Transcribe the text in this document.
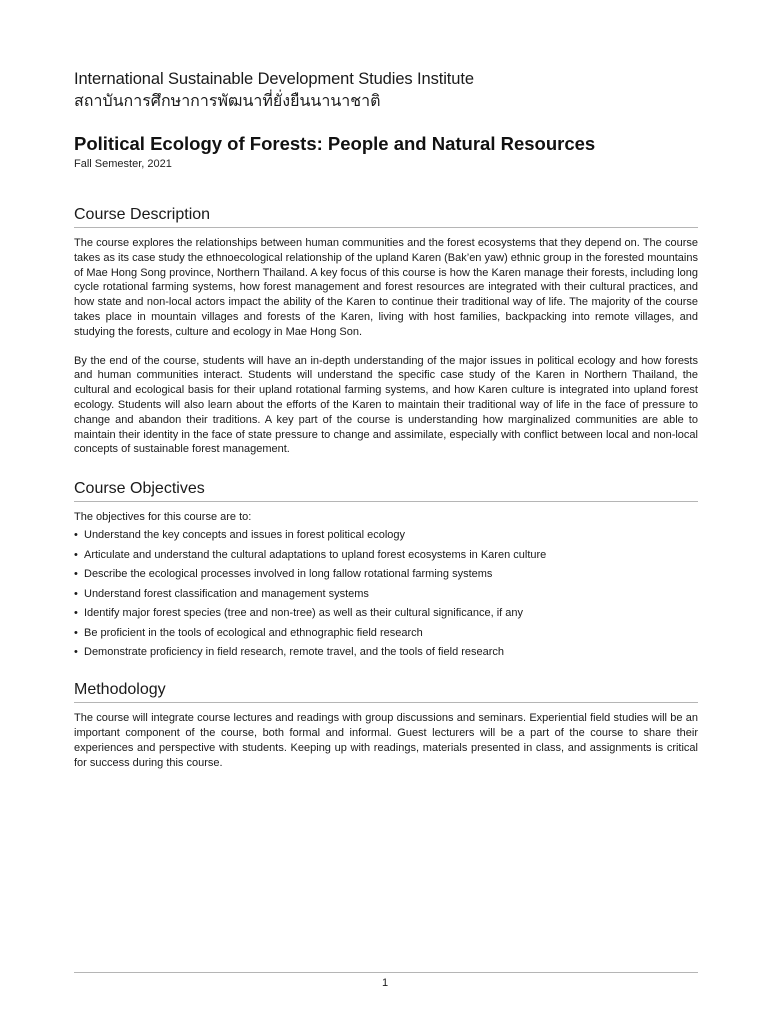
International Sustainable Development Studies Institute
สถาบันการศึกษาการพัฒนาที่ยั่งยืนนานาชาติ
Political Ecology of Forests: People and Natural Resources
Fall Semester, 2021
Course Description

The course explores the relationships between human communities and the forest ecosystems that they depend on. The course takes as its case study the ethnoecological relationship of the upland Karen (Bak’en yaw) ethnic group in the forested mountains of Mae Hong Song province, Northern Thailand. A key focus of this course is how the Karen manage their forests, including long cycle rotational farming systems, how forest management and forest resources are integrated with their cultural practices, and how state and non-local actors impact the ability of the Karen to continue their traditional way of life. The majority of the course takes place in mountain villages and forests of the Karen, living with host families, backpacking into remote villages, and studying the forests, culture and ecology in Mae Hong Son.

By the end of the course, students will have an in-depth understanding of the major issues in political ecology and how forests and human communities interact. Students will understand the specific case study of the Karen in Northern Thailand, the cultural and ecological basis for their upland rotational farming systems, and how Karen culture is integrated into upland forest ecology. Students will also learn about the efforts of the Karen to maintain their traditional way of life in the face of pressure to change and abandon their traditions. A key part of the course is understanding how marginalized communities are able to maintain their identity in the face of state pressure to change and assimilate, especially with conflict between local and non-local concepts of sustainable forest management.

Course Objectives
The objectives for this course are to:
• Understand the key concepts and issues in forest political ecology
• Articulate and understand the cultural adaptations to upland forest ecosystems in Karen culture
• Describe the ecological processes involved in long fallow rotational farming systems
• Understand forest classification and management systems
• Identify major forest species (tree and non-tree) as well as their cultural significance, if any
• Be proficient in the tools of ecological and ethnographic field research
• Demonstrate proficiency in field research, remote travel, and the tools of field research
Methodology

The course will integrate course lectures and readings with group discussions and seminars. Experiential field studies will be an important component of the course, both formal and informal. Guest lecturers will be a part of the course to share their experiences and perspective with students. Keeping up with readings, materials presented in class, and assignments is critical for success during this course.

1
